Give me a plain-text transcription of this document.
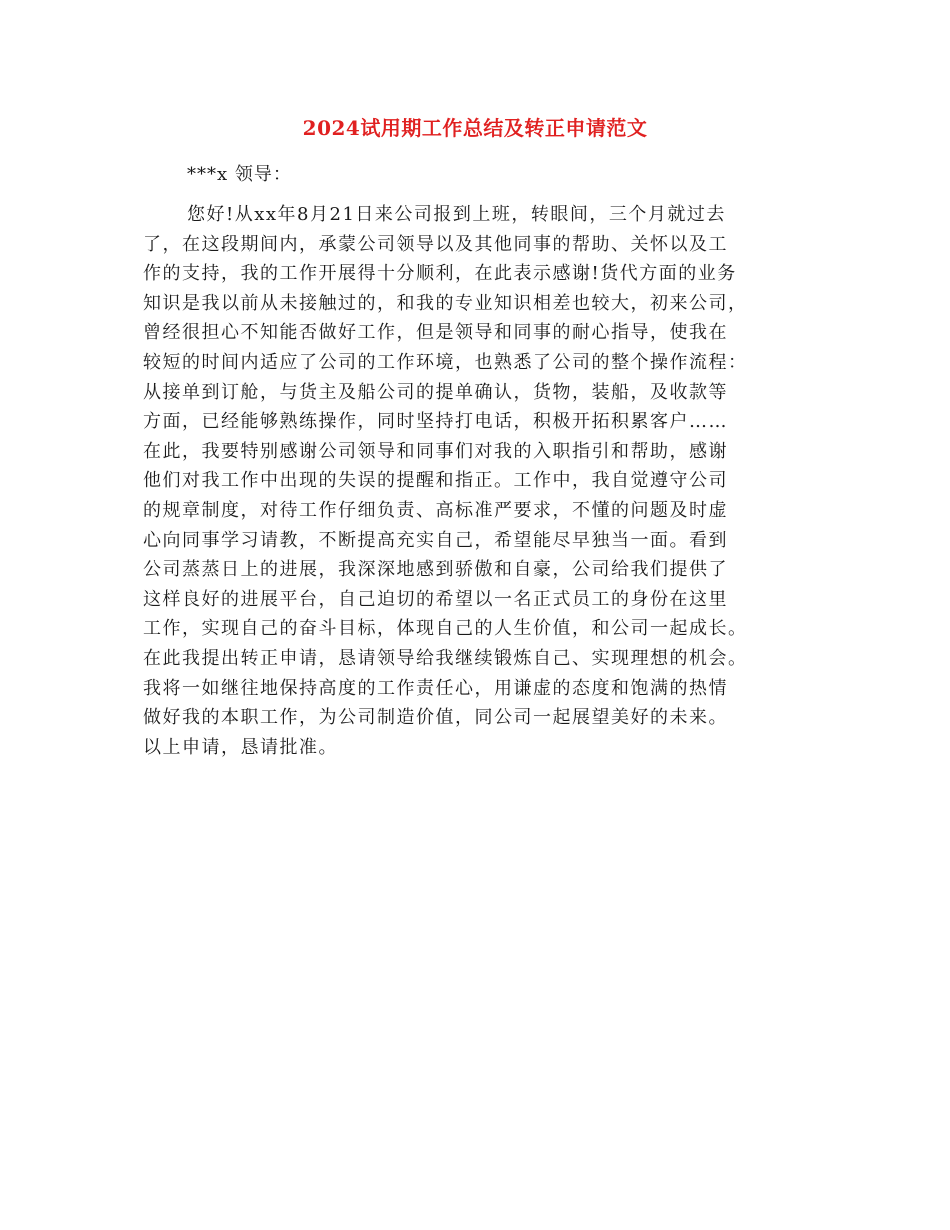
2024试用期工作总结及转正申请范文
***x 领导：
您好!从xx年8月21日来公司报到上班，转眼间，三个月就过去
了，在这段期间内，承蒙公司领导以及其他同事的帮助、关怀以及工
作的支持，我的工作开展得十分顺利，在此表示感谢!货代方面的业务
知识是我以前从未接触过的，和我的专业知识相差也较大，初来公司，
曾经很担心不知能否做好工作，但是领导和同事的耐心指导，使我在
较短的时间内适应了公司的工作环境，也熟悉了公司的整个操作流程：
从接单到订舱，与货主及船公司的提单确认，货物，装船，及收款等
方面，已经能够熟练操作，同时坚持打电话，积极开拓积累客户……
在此，我要特别感谢公司领导和同事们对我的入职指引和帮助，感谢
他们对我工作中出现的失误的提醒和指正。工作中，我自觉遵守公司
的规章制度，对待工作仔细负责、高标准严要求，不懂的问题及时虚
心向同事学习请教，不断提高充实自己，希望能尽早独当一面。看到
公司蒸蒸日上的进展，我深深地感到骄傲和自豪，公司给我们提供了
这样良好的进展平台，自己迫切的希望以一名正式员工的身份在这里
工作，实现自己的奋斗目标，体现自己的人生价值，和公司一起成长。
在此我提出转正申请，恳请领导给我继续锻炼自己、实现理想的机会。
我将一如继往地保持高度的工作责任心，用谦虚的态度和饱满的热情
做好我的本职工作，为公司制造价值，同公司一起展望美好的未来。
以上申请，恳请批准。
